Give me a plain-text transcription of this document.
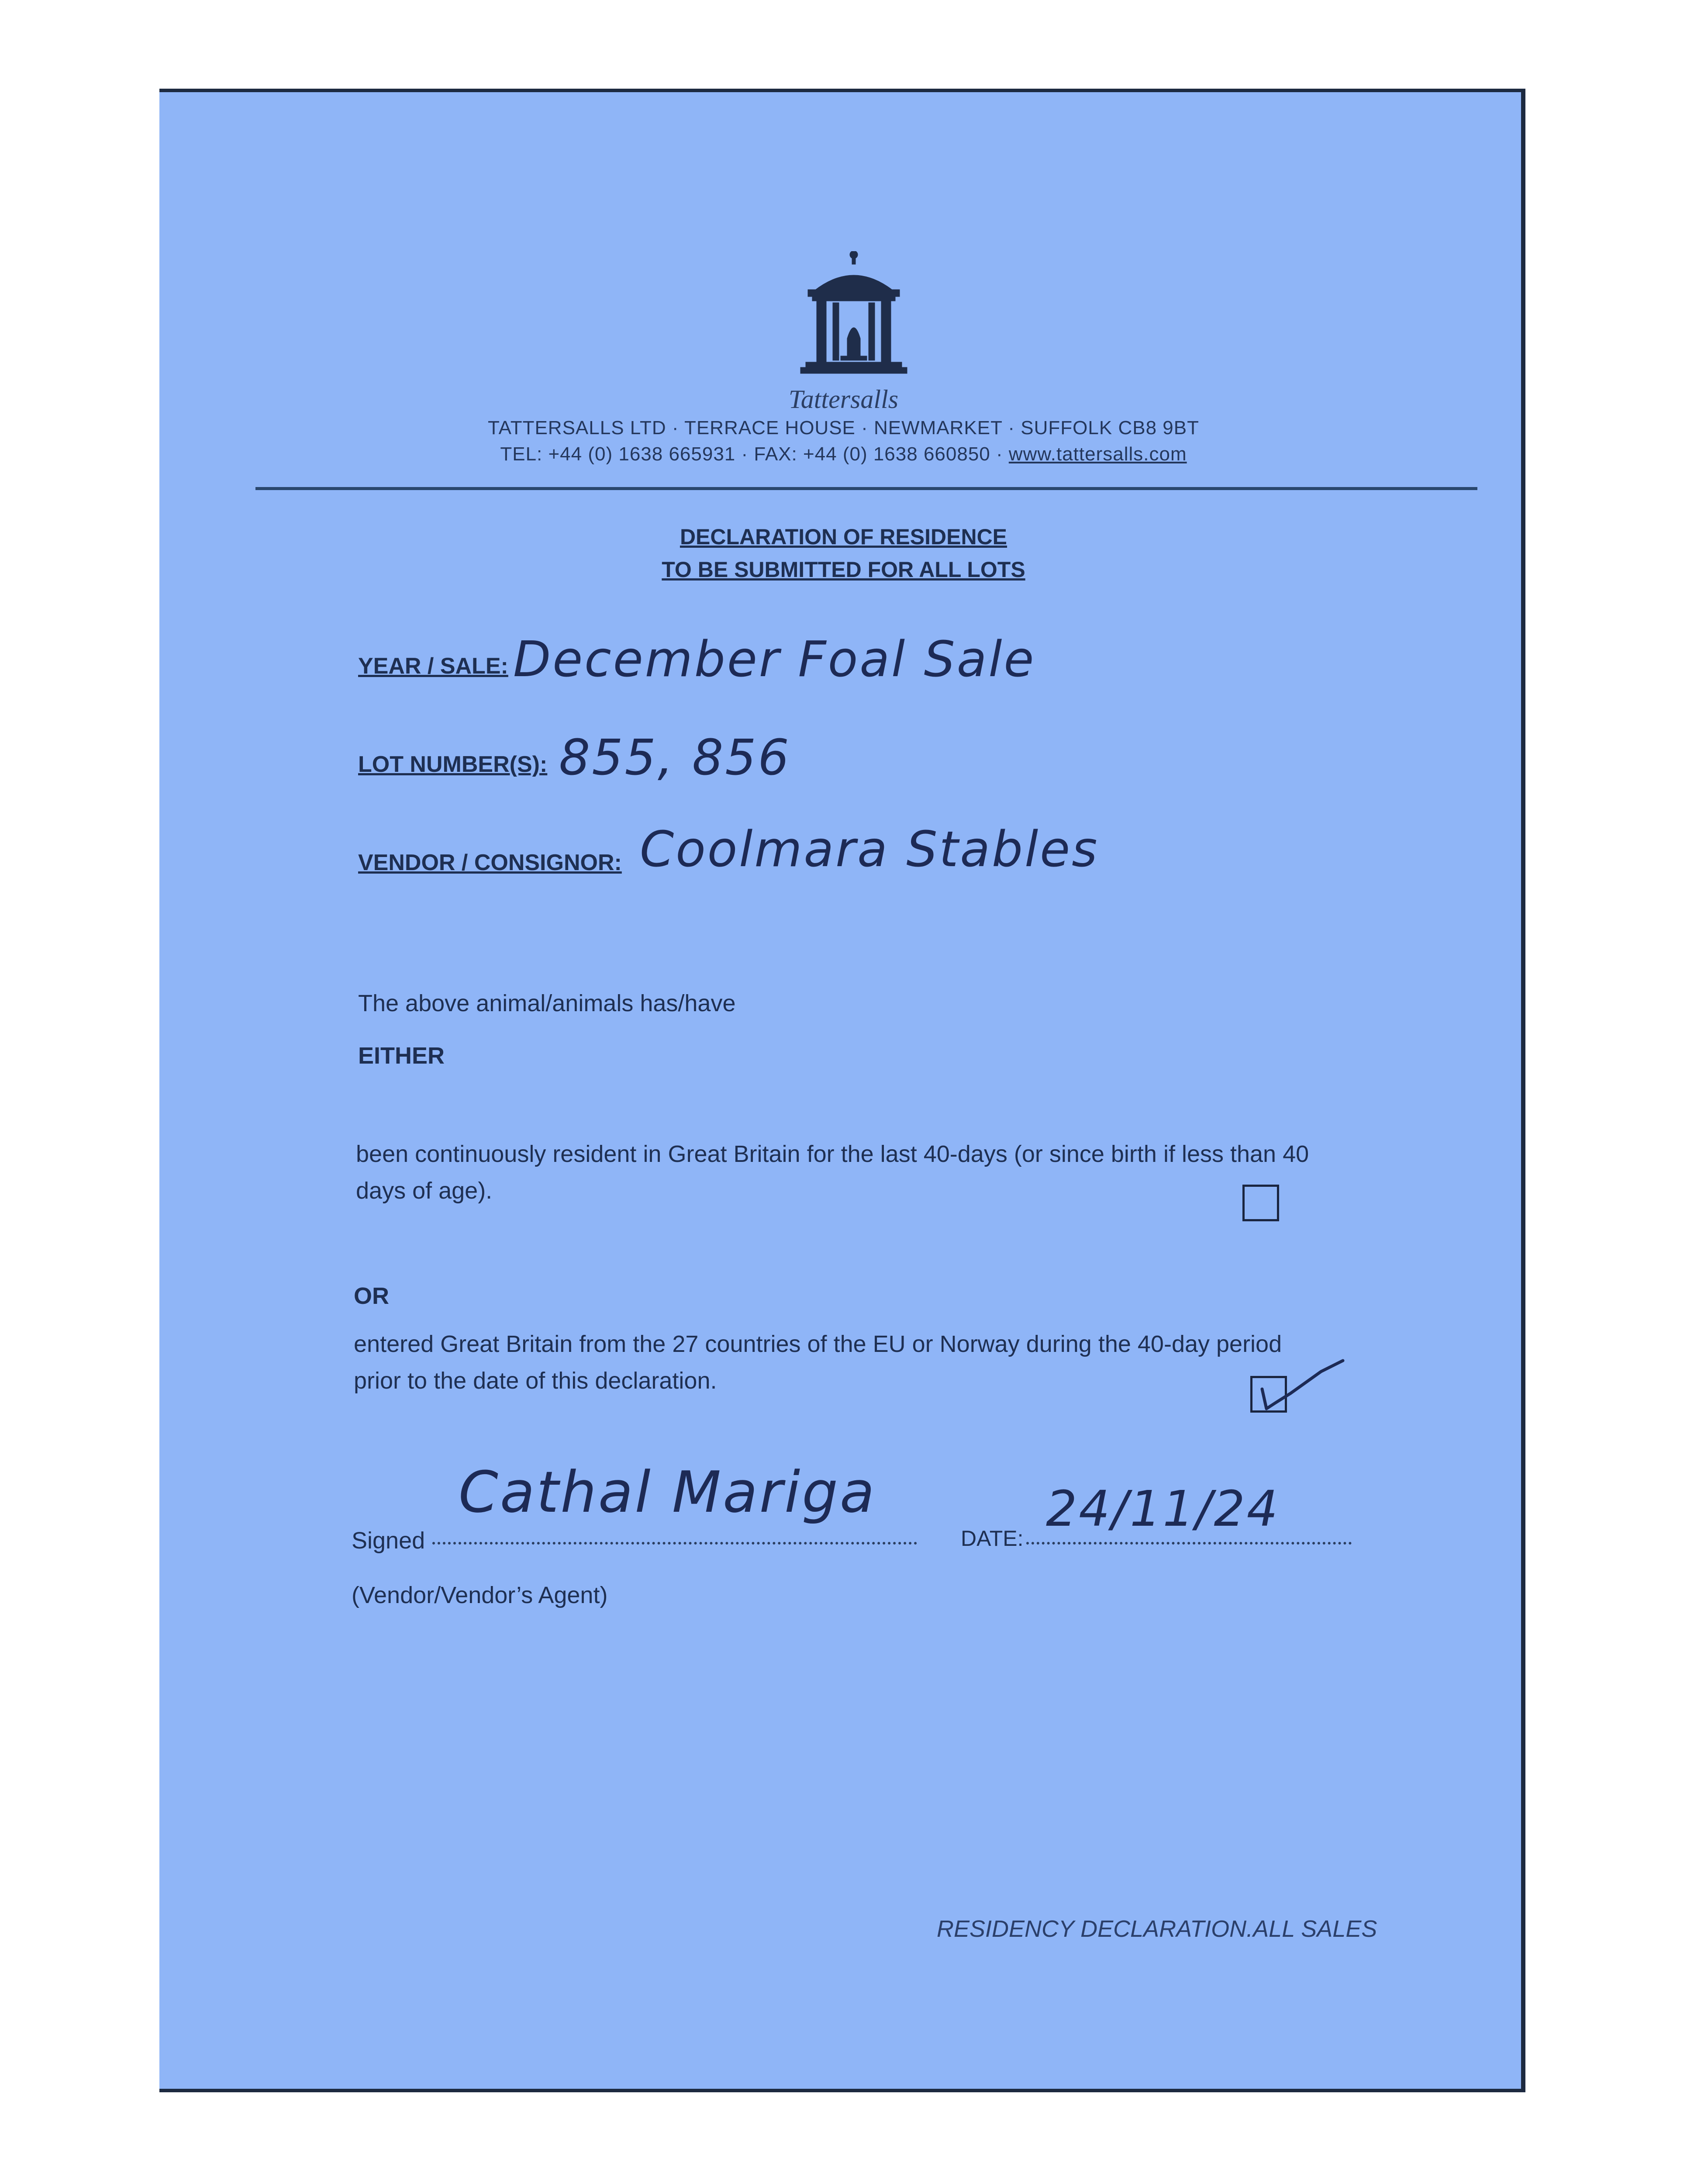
Tattersalls
TATTERSALLS LTD · TERRACE HOUSE · NEWMARKET · SUFFOLK CB8 9BT
TEL: +44 (0) 1638 665931 · FAX: +44 (0) 1638 660850 · www.tattersalls.com
DECLARATION OF RESIDENCE
TO BE SUBMITTED FOR ALL LOTS
YEAR / SALE: December Foal Sale
LOT NUMBER(S): 855, 856
VENDOR / CONSIGNOR: Coolmara Stables
The above animal/animals has/have
EITHER
been continuously resident in Great Britain for the last 40-days (or since birth if less than 40
days of age).
OR
entered Great Britain from the 27 countries of the EU or Norway during the 40-day period
prior to the date of this declaration.
Signed
Cathal Mariga
DATE:
24/11/24
(Vendor/Vendor’s Agent)
RESIDENCY DECLARATION.ALL SALES
